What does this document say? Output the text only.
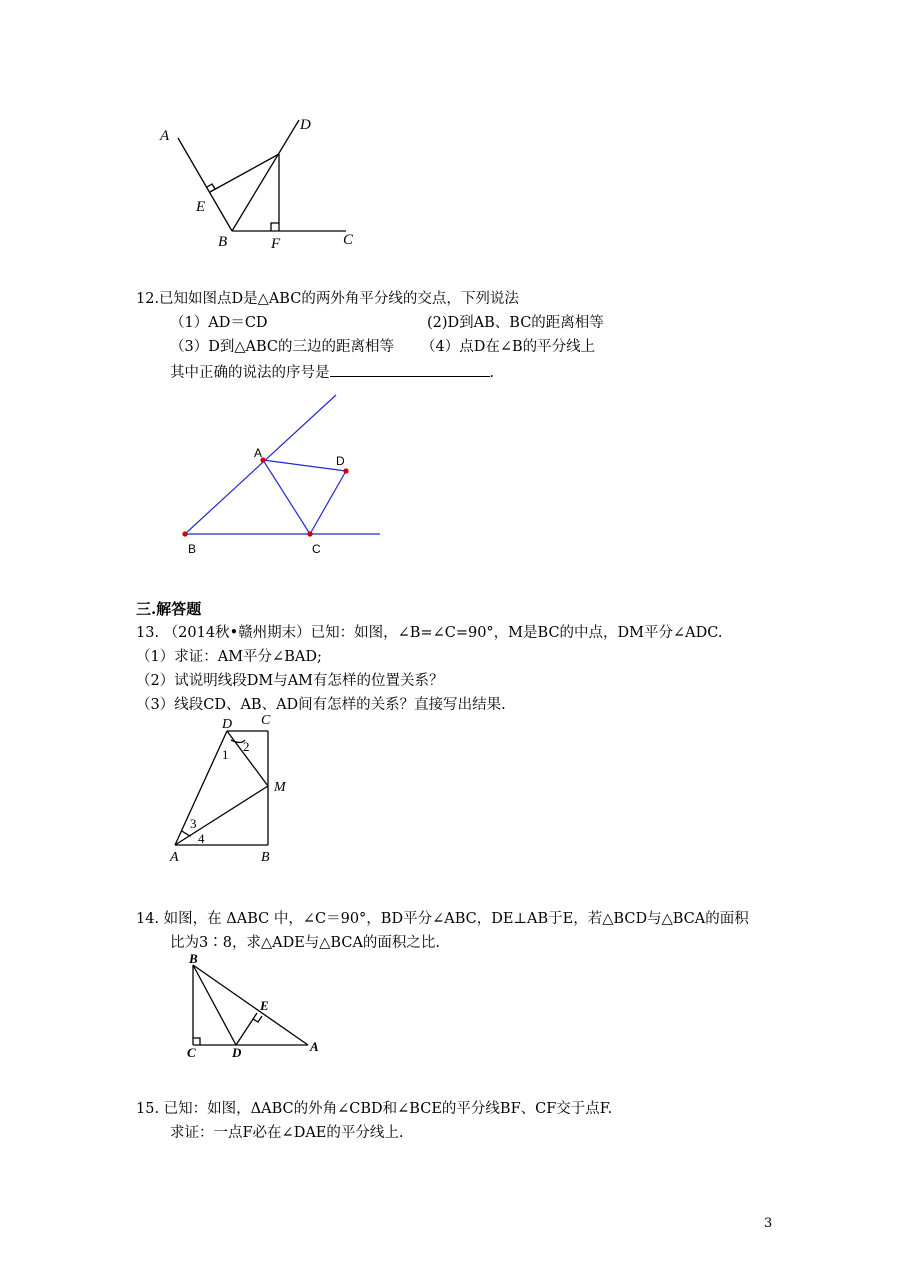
A
D
E
B	F	C
12.已知如图点D是△ABC的两外角平分线的交点，下列说法
（1）AD＝CD	(2)D到AB、BC的距离相等
（3）D到△ABC的三边的距离相等 （4）点D在∠B的平分线上
其中正确的说法的序号是	.
A
D
B	C
三.解答题
13. （2014秋•赣州期末）已知：如图，∠B=∠C=90°，M是BC的中点，DM平分∠ADC.
（1）求证：AM平分∠BAD;
（2）试说明线段DM与AM有怎样的位置关系？
（3）线段CD、AB、AD间有怎样的关系？直接写出结果.
D C
1
2
M
3
4
A	B
14. 如图，在 ΔABC 中，∠C＝90°，BD平分∠ABC，DE⊥AB于E，若△BCD与△BCA的面积
比为3∶8，求△ADE与△BCA的面积之比.
B
E
C	D	A
15. 已知：如图，ΔABC的外角∠CBD和∠BCE的平分线BF、CF交于点F.
求证：一点F必在∠DAE的平分线上.
3
